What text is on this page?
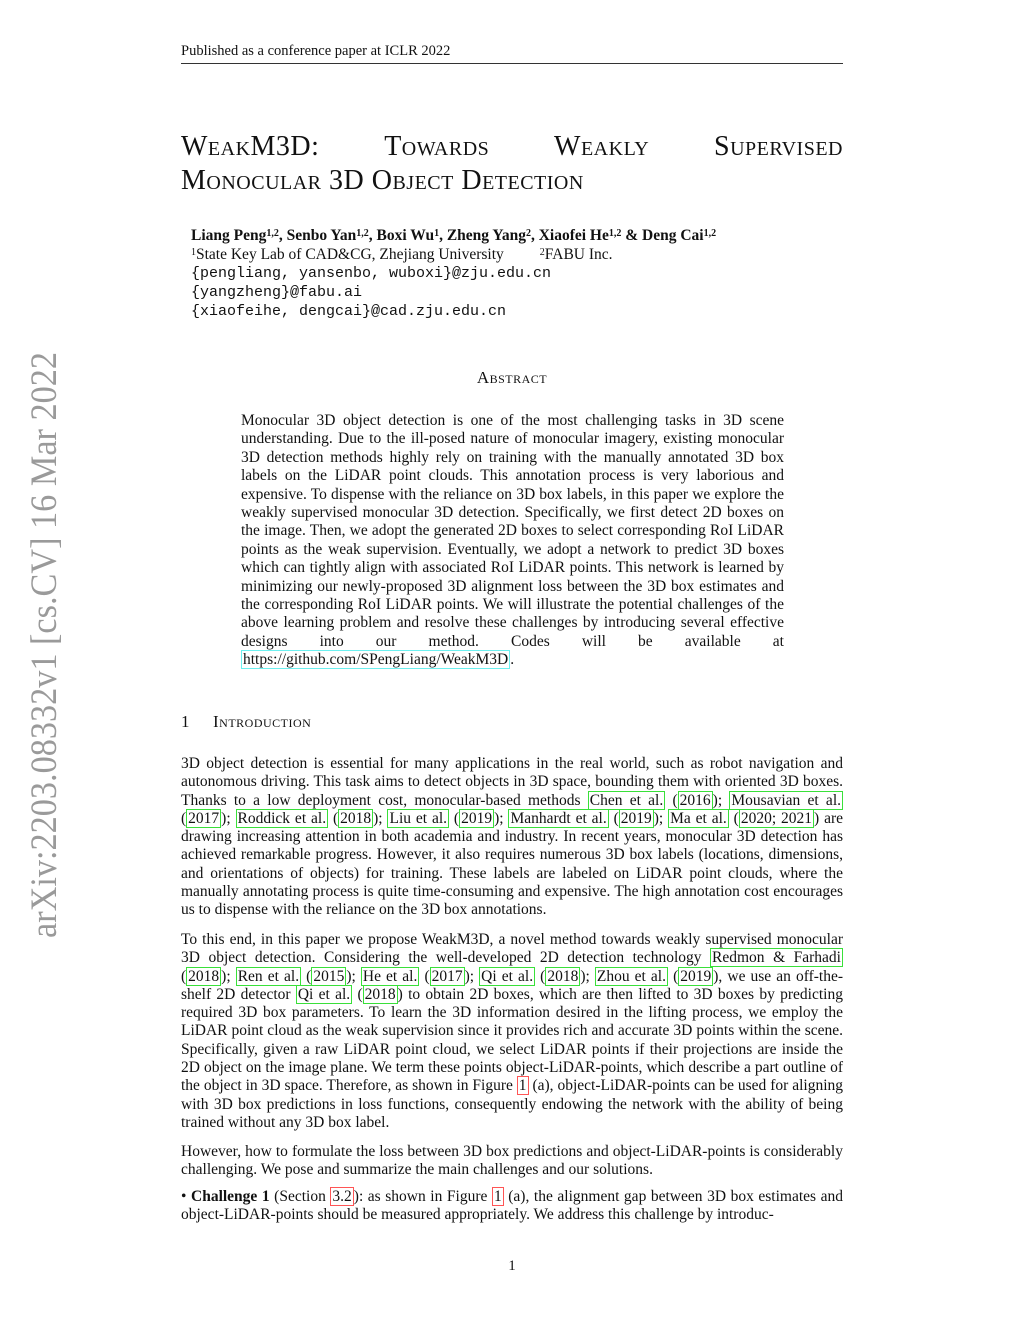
Published as a conference paper at ICLR 2022
arXiv:2203.08332v1 [cs.CV] 16 Mar 2022
WeakM3D: Towards Weakly Supervised
Monocular 3D Object Detection
Liang Peng$^{1,2}$, Senbo Yan$^{1,2}$, Boxi Wu$^1$, Zheng Yang$^2$, Xiaofei He$^{1,2}$ & Deng Cai$^{1,2}$
$^1$State Key Lab of CAD&CG, Zhejiang University	$^2$FABU Inc.
{pengliang, yansenbo, wuboxi}@zju.edu.cn
{yangzheng}@fabu.ai
{xiaofeihe, dengcai}@cad.zju.edu.cn
Abstract
Monocular 3D object detection is one of the most challenging tasks in 3D scene understanding. Due to the ill-posed nature of monocular imagery, existing monocular 3D detection methods highly rely on training with the manually annotated 3D box labels on the LiDAR point clouds. This annotation process is very laborious and expensive. To dispense with the reliance on 3D box labels, in this paper we explore the weakly supervised monocular 3D detection. Specifically, we first detect 2D boxes on the image. Then, we adopt the generated 2D boxes to select corresponding RoI LiDAR points as the weak supervision. Eventually, we adopt a network to predict 3D boxes which can tightly align with associated RoI LiDAR points. This network is learned by minimizing our newly-proposed 3D alignment loss between the 3D box estimates and the corresponding RoI LiDAR points. We will illustrate the potential challenges of the above learning problem and resolve these challenges by introducing several effective designs into our method. Codes will be available at https://github.com/SPengLiang/WeakM3D .
1 Introduction
3D object detection is essential for many applications in the real world, such as robot navigation and autonomous driving. This task aims to detect objects in 3D space, bounding them with oriented 3D boxes. Thanks to a low deployment cost, monocular-based methods Chen et al. ( 2016 ); Mousavian et al. ( 2017 ); Roddick et al. ( 2018 ); Liu et al. ( 2019 ); Manhardt et al. ( 2019 ); Ma et al. ( 2020; 2021 ) are drawing increasing attention in both academia and industry. In recent years, monocular 3D detection has achieved remarkable progress. However, it also requires numerous 3D box labels (locations, dimensions, and orientations of objects) for training. These labels are labeled on LiDAR point clouds, where the manually annotating process is quite time-consuming and expensive. The high annotation cost encourages us to dispense with the reliance on the 3D box annotations.
To this end, in this paper we propose WeakM3D, a novel method towards weakly supervised monocular 3D object detection. Considering the well-developed 2D detection technology Redmon & Farhadi ( 2018 ); Ren et al. ( 2015 ); He et al. ( 2017 ); Qi et al. ( 2018 ); Zhou et al. ( 2019 ), we use an off-the-shelf 2D detector Qi et al. ( 2018 ) to obtain 2D boxes, which are then lifted to 3D boxes by predicting required 3D box parameters. To learn the 3D information desired in the lifting process, we employ the LiDAR point cloud as the weak supervision since it provides rich and accurate 3D points within the scene. Specifically, given a raw LiDAR point cloud, we select LiDAR points if their projections are inside the 2D object on the image plane. We term these points object-LiDAR-points, which describe a part outline of the object in 3D space. Therefore, as shown in Figure 1 (a), object-LiDAR-points can be used for aligning with 3D box predictions in loss functions, consequently endowing the network with the ability of being trained without any 3D box label.
However, how to formulate the loss between 3D box predictions and object-LiDAR-points is considerably challenging. We pose and summarize the main challenges and our solutions.
• Challenge 1 (Section 3.2 ): as shown in Figure 1 (a), the alignment gap between 3D box estimates and object-LiDAR-points should be measured appropriately. We address this challenge by introduc-
1
